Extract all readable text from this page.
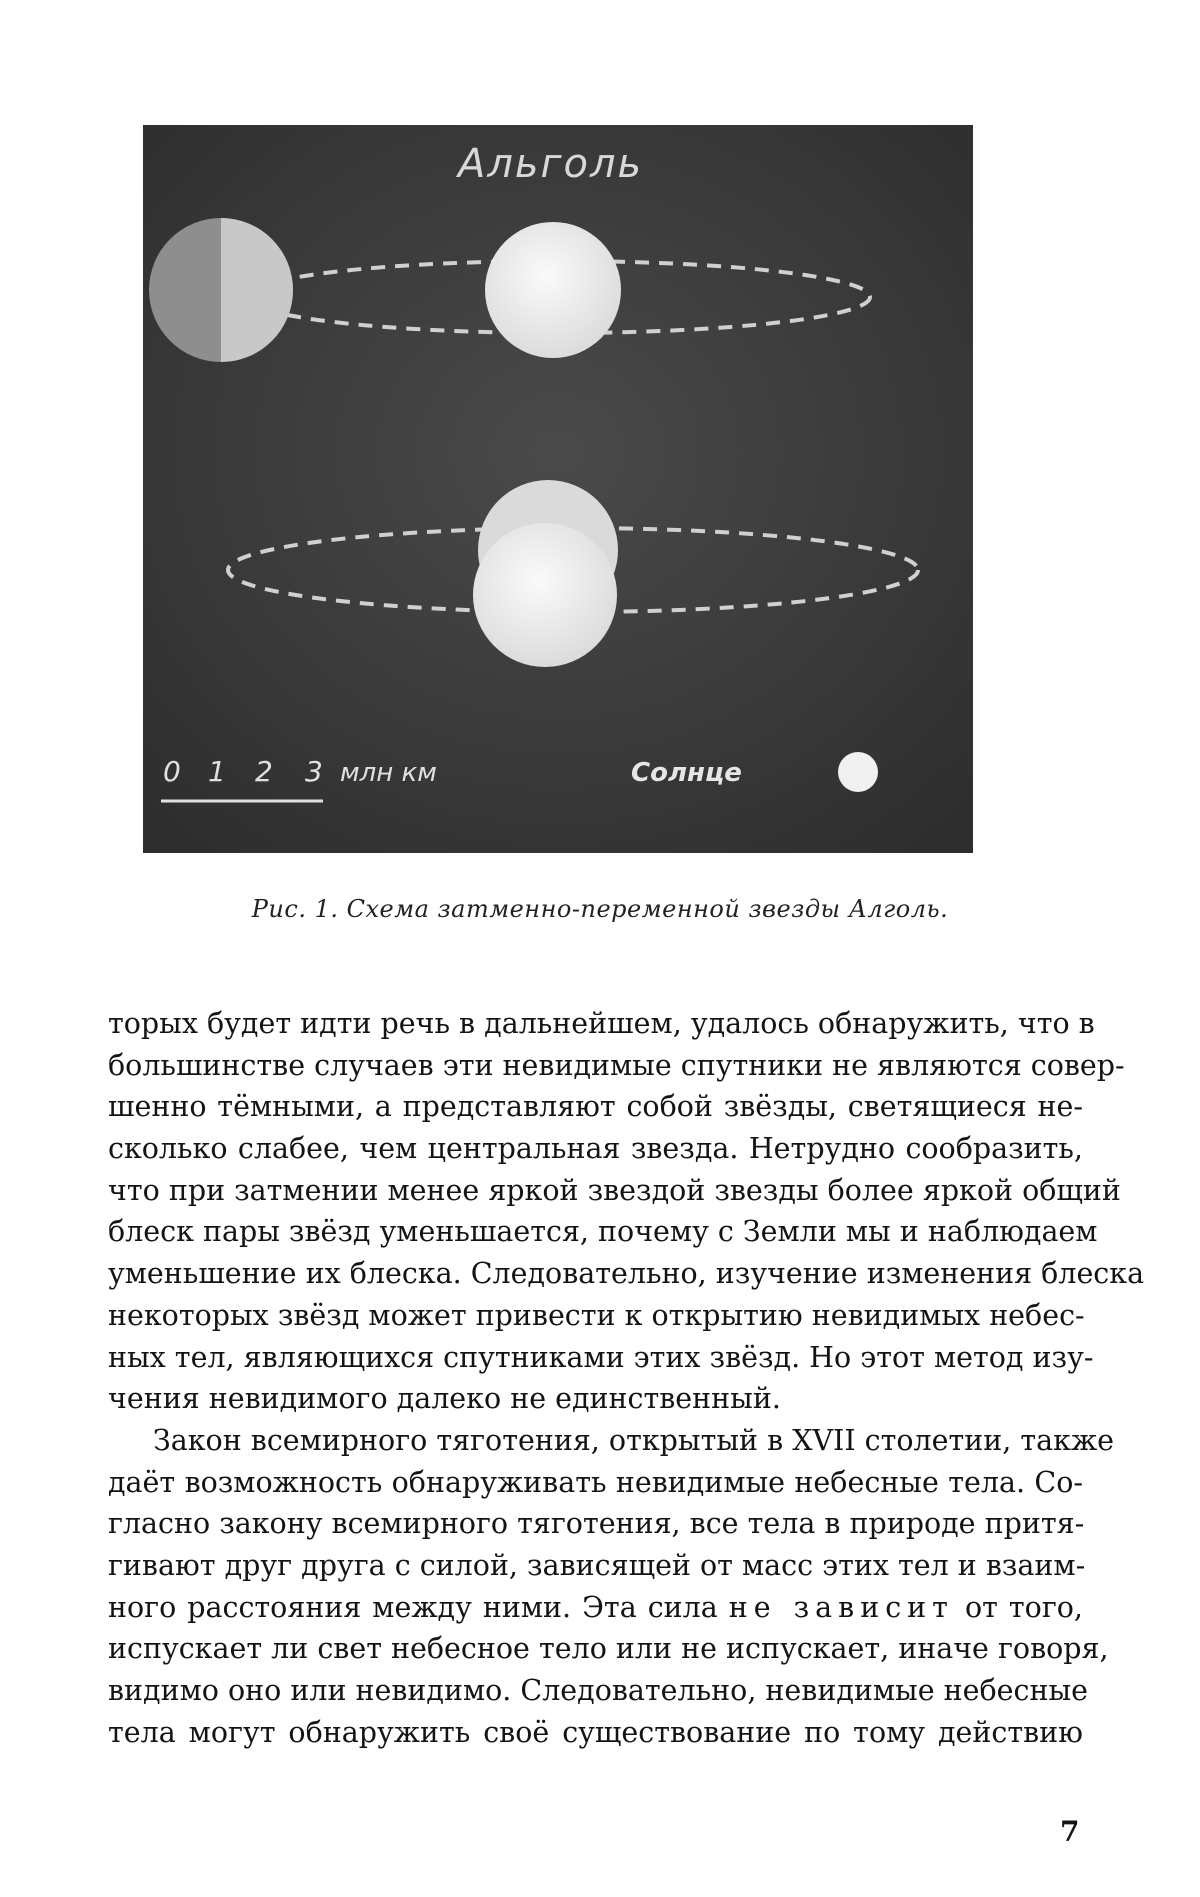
Альголь
0 1 2 3 млн км	Солнце
Рис. 1. Схема затменно-переменной звезды Алголь.
торых будет идти речь в дальнейшем, удалось обнаружить, что в
большинстве случаев эти невидимые спутники не являются совер-
шенно тёмными, а представляют собой звёзды, светящиеся не-
сколько слабее, чем центральная звезда. Нетрудно сообразить,
что при затмении менее яркой звездой звезды более яркой общий
блеск пары звёзд уменьшается, почему с Земли мы и наблюдаем
уменьшение их блеска. Следовательно, изучение изменения блеска
некоторых звёзд может привести к открытию невидимых небес-
ных тел, являющихся спутниками этих звёзд. Но этот метод изу-
чения невидимого далеко не единственный.
Закон всемирного тяготения, открытый в XVII столетии, также
даёт возможность обнаруживать невидимые небесные тела. Со-
гласно закону всемирного тяготения, все тела в природе притя-
гивают друг друга с силой, зависящей от масс этих тел и взаим-
ного расстояния между ними. Эта сила не зависит от того,
испускает ли свет небесное тело или не испускает, иначе говоря,
видимо оно или невидимо. Следовательно, невидимые небесные
тела могут обнаружить своё существование по тому действию
7
